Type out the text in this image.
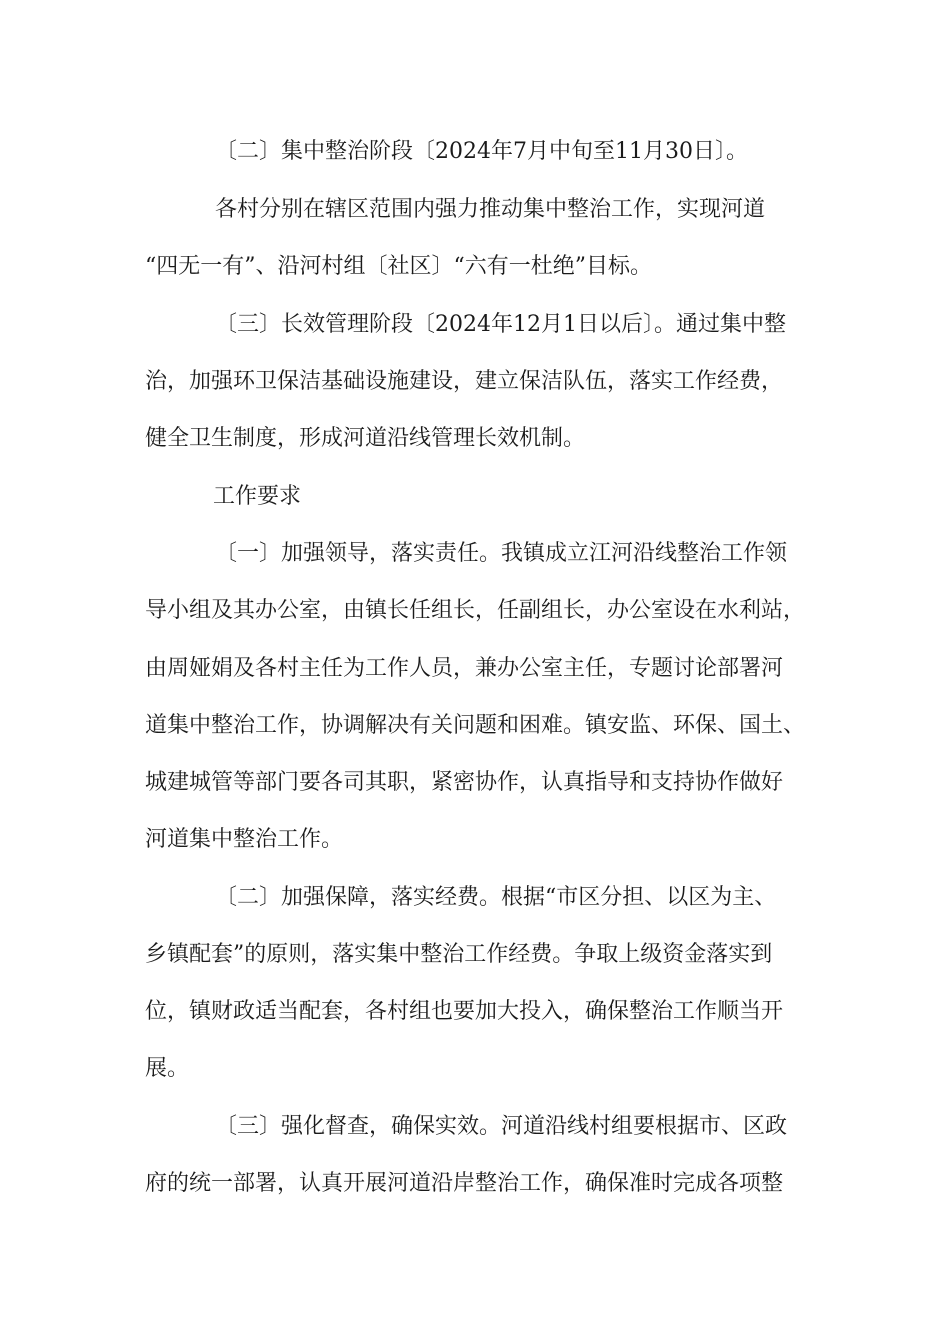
〔二〕集中整治阶段〔2024年7月中旬至11月30日〕。
各村分别在辖区范围内强力推动集中整治工作，实现河道
“四无一有”、沿河村组〔社区〕“六有一杜绝”目标。
〔三〕长效管理阶段〔2024年12月1日以后〕。通过集中整
治，加强环卫保洁基础设施建设，建立保洁队伍，落实工作经费，
健全卫生制度，形成河道沿线管理长效机制。
工作要求
〔一〕加强领导，落实责任。我镇成立江河沿线整治工作领
导小组及其办公室，由镇长任组长，任副组长，办公室设在水利站，
由周娅娟及各村主任为工作人员，兼办公室主任，专题讨论部署河
道集中整治工作，协调解决有关问题和困难。镇安监、环保、国土、
城建城管等部门要各司其职，紧密协作，认真指导和支持协作做好
河道集中整治工作。
〔二〕加强保障，落实经费。根据“市区分担、以区为主、
乡镇配套”的原则，落实集中整治工作经费。争取上级资金落实到
位，镇财政适当配套，各村组也要加大投入，确保整治工作顺当开
展。
〔三〕强化督查，确保实效。河道沿线村组要根据市、区政
府的统一部署，认真开展河道沿岸整治工作，确保准时完成各项整
